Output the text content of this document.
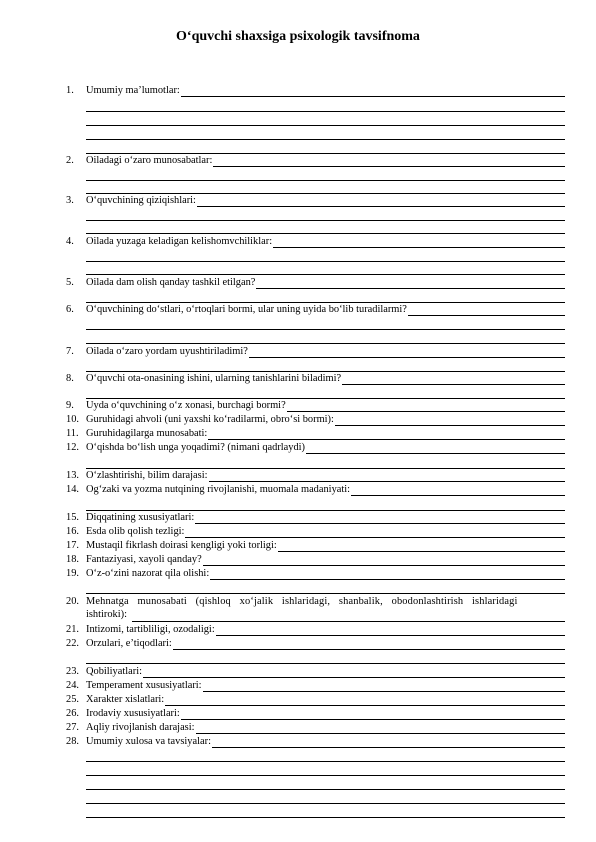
O‘quvchi shaxsiga psixologik tavsifnoma
1.	Umumiy ma’lumotlar:
2.	Oiladagi o‘zaro munosabatlar:
3.	O‘quvchining qiziqishlari:
4.	Oilada yuzaga keladigan kelishomvchiliklar:
5.	Oilada dam olish qanday tashkil etilgan?
6.	O‘quvchining do‘stlari, o‘rtoqlari bormi, ular uning uyida bo‘lib turadilarmi?
7.	Oilada o‘zaro yordam uyushtiriladimi?
8.	O‘quvchi ota-onasining ishini, ularning tanishlarini biladimi?
9.	Uyda o‘quvchining o‘z xonasi, burchagi bormi?
10. Guruhidagi ahvoli (uni yaxshi ko‘radilarmi, obro‘si bormi):
11. Guruhidagilarga munosabati:
12. O‘qishda bo‘lish unga yoqadimi? (nimani qadrlaydi)
13. O‘zlashtirishi, bilim darajasi:
14. Og‘zaki va yozma nutqining rivojlanishi, muomala madaniyati:
15. Diqqatining xususiyatlari:
16. Esda olib qolish tezligi:
17. Mustaqil fikrlash doirasi kengligi yoki torligi:
18. Fantaziyasi, xayoli qanday?
19. O‘z-o‘zini nazorat qila olishi:
20. Mehnatga munosabati (qishloq xo‘jalik ishlaridagi, shanbalik, obodonlashtirish ishlaridagi
ishtiroki):
21. Intizomi, tartibliligi, ozodaligi:
22. Orzulari, e’tiqodlari:
23. Qobiliyatlari:
24. Temperament xususiyatlari:
25. Xarakter xislatlari:
26. Irodaviy xususiyatlari:
27. Aqliy rivojlanish darajasi:
28. Umumiy xulosa va tavsiyalar:
